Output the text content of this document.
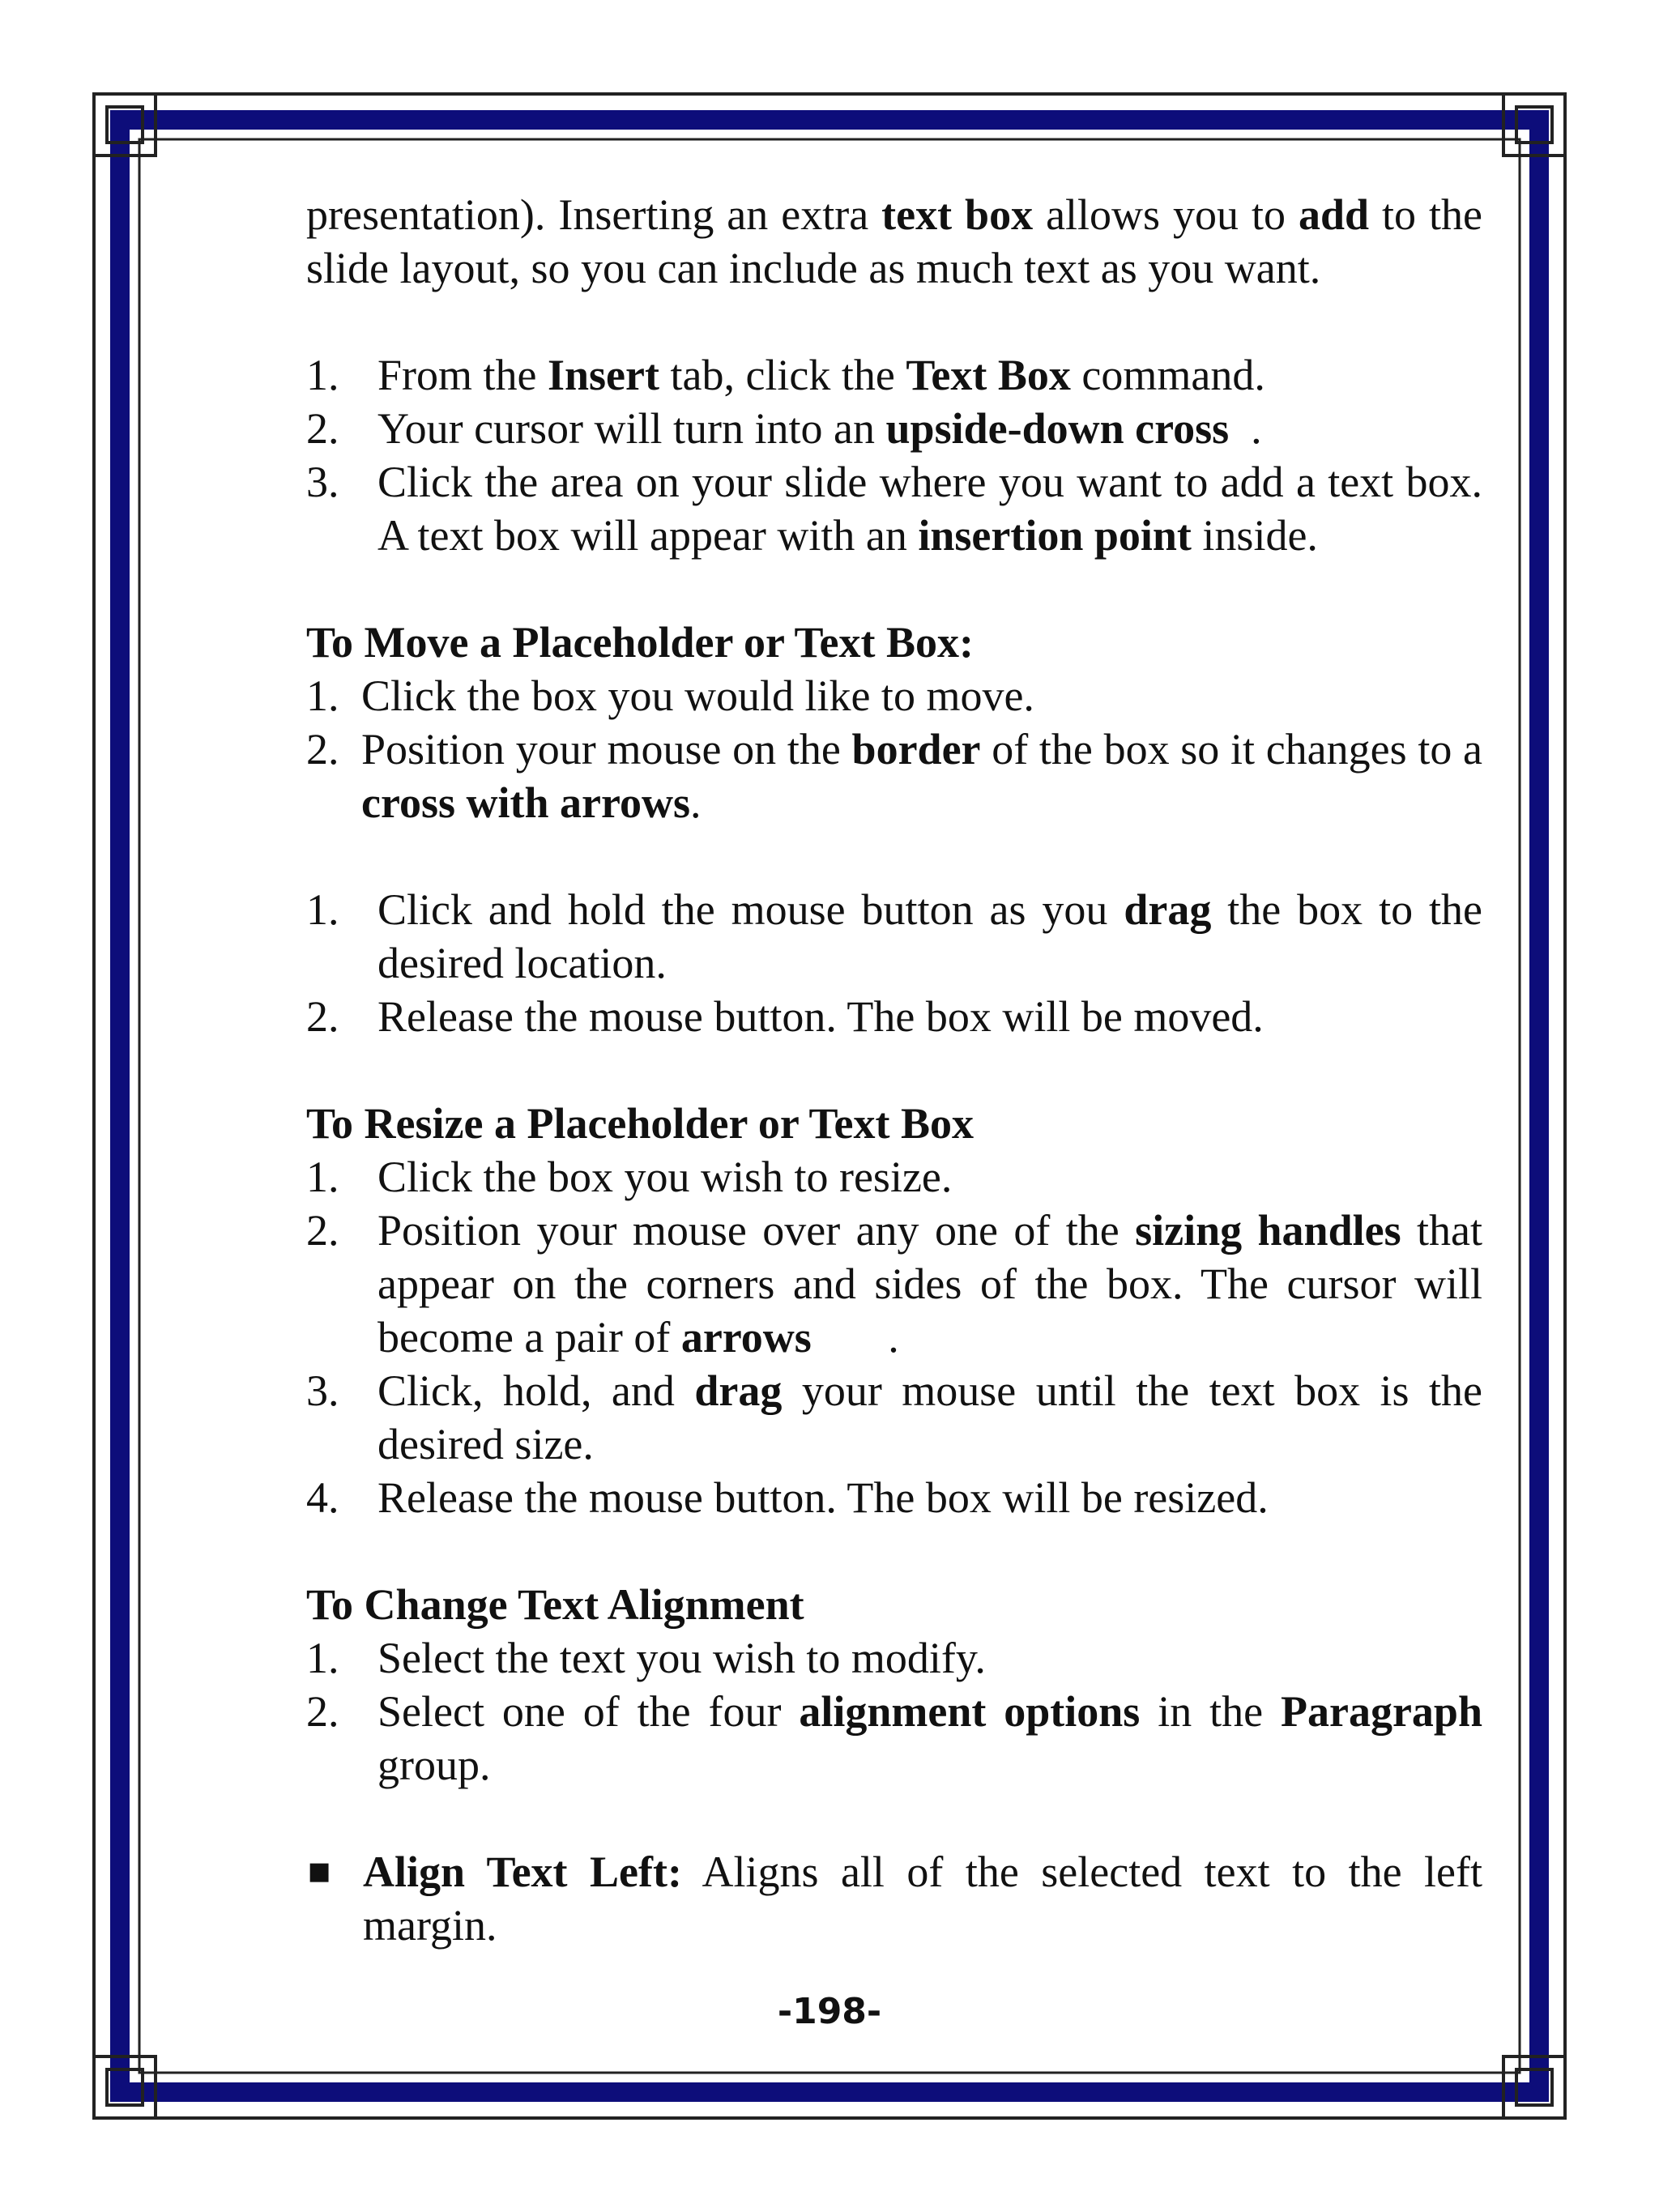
presentation). Inserting an extra text box allows you to add to the slide layout, so you can include as much text as you want.

1. From the Insert tab, click the Text Box command.
2. Your cursor will turn into an upside-down cross  .
3. Click the area on your slide where you want to add a text box. A text box will appear with an insertion point inside.

To Move a Placeholder or Text Box:

1. Click the box you would like to move.
2. Position your mouse on the border of the box so it changes to a cross with arrows.
1. Click and hold the mouse button as you drag the box to the desired location.
2. Release the mouse button. The box will be moved.

To Resize a Placeholder or Text Box

1. Click the box you wish to resize.
2. Position your mouse over any one of the sizing handles that appear on the corners and sides of the box. The cursor will become a pair of arrows       .
3. Click, hold, and drag your mouse until the text box is the desired size.
4. Release the mouse button. The box will be resized.

To Change Text Alignment

1. Select the text you wish to modify.
2. Select one of the four alignment options in the Paragraph group.
■ Align Text Left: Aligns all of the selected text to the left margin.
-198-
